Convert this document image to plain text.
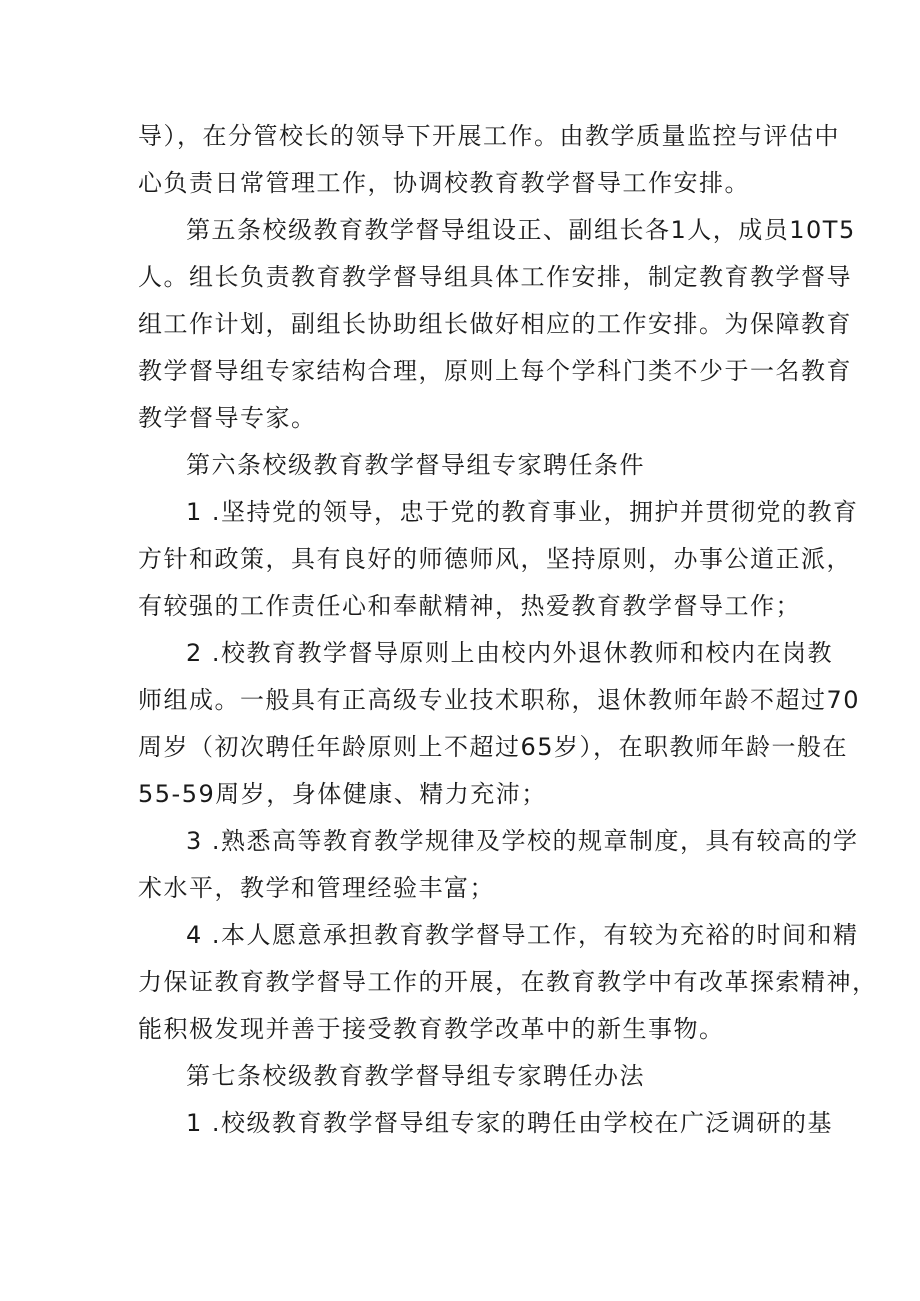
导），在分管校长的领导下开展工作。由教学质量监控与评估中
心负责日常管理工作，协调校教育教学督导工作安排。
第五条校级教育教学督导组设正、副组长各1人，成员10T5
人。组长负责教育教学督导组具体工作安排，制定教育教学督导
组工作计划，副组长协助组长做好相应的工作安排。为保障教育
教学督导组专家结构合理，原则上每个学科门类不少于一名教育
教学督导专家。
第六条校级教育教学督导组专家聘任条件
1 .坚持党的领导，忠于党的教育事业，拥护并贯彻党的教育
方针和政策，具有良好的师德师风，坚持原则，办事公道正派，
有较强的工作责任心和奉献精神，热爱教育教学督导工作；
2 .校教育教学督导原则上由校内外退休教师和校内在岗教
师组成。一般具有正高级专业技术职称，退休教师年龄不超过70
周岁（初次聘任年龄原则上不超过65岁），在职教师年龄一般在
55-59周岁，身体健康、精力充沛；
3 .熟悉高等教育教学规律及学校的规章制度，具有较高的学
术水平，教学和管理经验丰富；
4 .本人愿意承担教育教学督导工作，有较为充裕的时间和精
力保证教育教学督导工作的开展，在教育教学中有改革探索精神，
能积极发现并善于接受教育教学改革中的新生事物。
第七条校级教育教学督导组专家聘任办法
1 .校级教育教学督导组专家的聘任由学校在广泛调研的基
